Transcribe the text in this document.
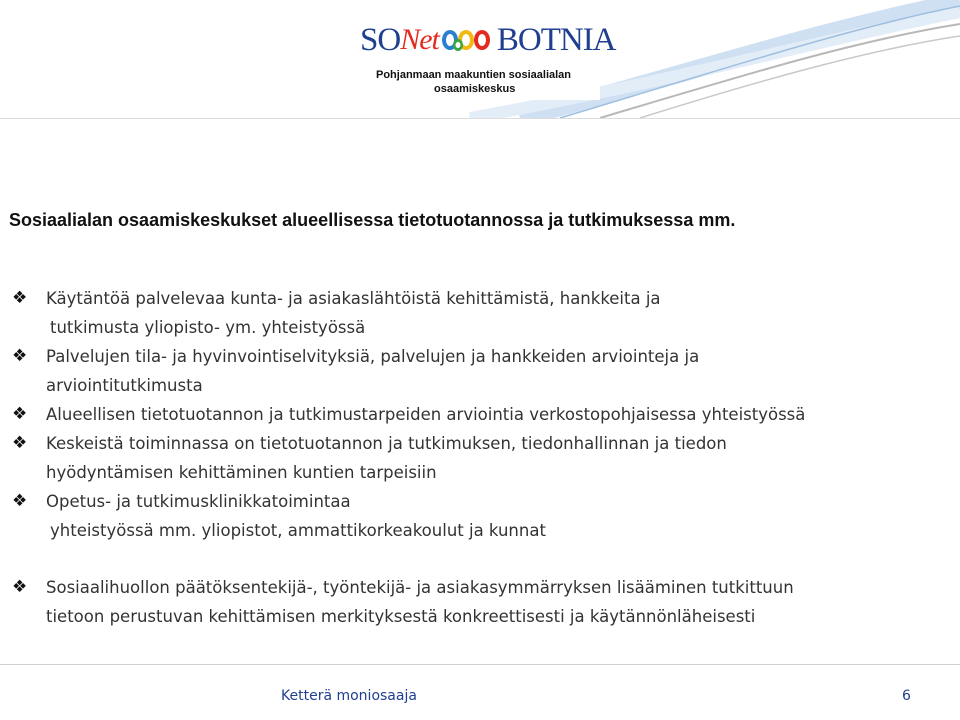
SO Net BOTNIA
Pohjanmaan maakuntien sosiaalialan
osaamiskeskus
Sosiaalialan osaamiskeskukset alueellisessa tietotuotannossa ja tutkimuksessa mm.
❖	Käytäntöä palvelevaa kunta- ja asiakaslähtöistä kehittämistä, hankkeita ja
tutkimusta yliopisto- ym. yhteistyössä
❖	Palvelujen tila- ja hyvinvointiselvityksiä, palvelujen ja hankkeiden arviointeja ja
arviointitutkimusta
❖	Alueellisen tietotuotannon ja tutkimustarpeiden arviointia verkostopohjaisessa yhteistyössä
❖	Keskeistä toiminnassa on tietotuotannon ja tutkimuksen, tiedonhallinnan ja tiedon
hyödyntämisen kehittäminen kuntien tarpeisiin
❖	Opetus- ja tutkimusklinikkatoimintaa
yhteistyössä mm. yliopistot, ammattikorkeakoulut ja kunnat
❖	Sosiaalihuollon päätöksentekijä-, työntekijä- ja asiakasymmärryksen lisääminen tutkittuun
tietoon perustuvan kehittämisen merkityksestä konkreettisesti ja käytännönläheisesti
Ketterä moniosaaja	6
